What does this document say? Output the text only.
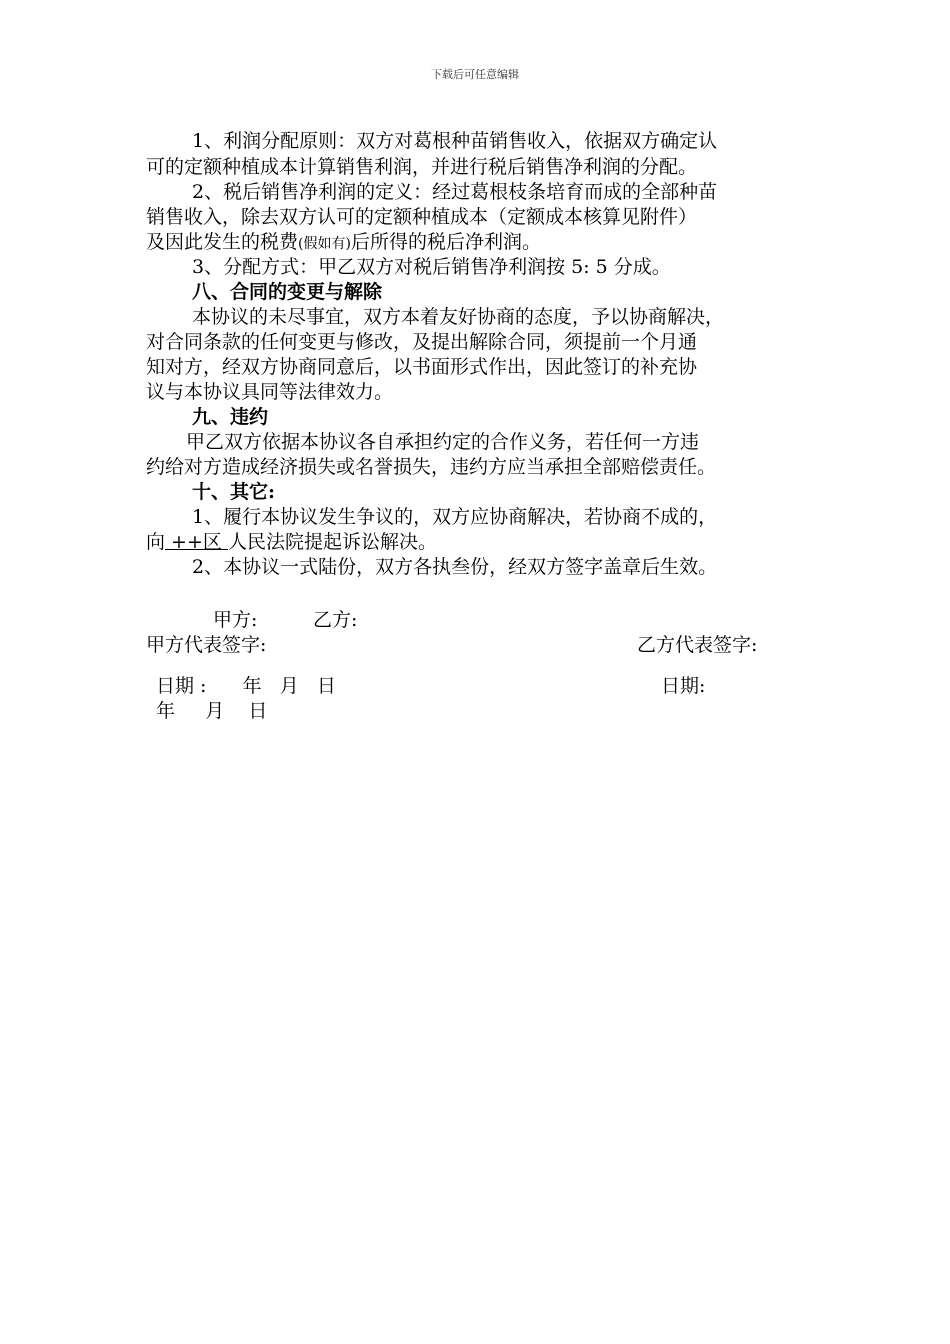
下载后可任意编辑
1、利润分配原则：双方对葛根种苗销售收入，依据双方确定认
可的定额种植成本计算销售利润，并进行税后销售净利润的分配。
2、税后销售净利润的定义：经过葛根枝条培育而成的全部种苗
销售收入，除去双方认可的定额种植成本（定额成本核算见附件）
及因此发生的税费(假如有)后所得的税后净利润。
3、分配方式：甲乙双方对税后销售净利润按 5: 5 分成。
八、合同的变更与解除
本协议的未尽事宜，双方本着友好协商的态度，予以协商解决，
对合同条款的任何变更与修改，及提出解除合同，须提前一个月通
知对方，经双方协商同意后，以书面形式作出，因此签订的补充协
议与本协议具同等法律效力。
九、违约
甲乙双方依据本协议各自承担约定的合作义务，若任何一方违
约给对方造成经济损失或名誉损失，违约方应当承担全部赔偿责任。
十、其它:
1、履行本协议发生争议的，双方应协商解决，若协商不成的，
向 ++区 人民法院提起诉讼解决。
2、本协议一式陆份，双方各执叁份，经双方签字盖章后生效。
甲方:	乙方:
甲方代表签字:	乙方代表签字:
日期 :      年   月   日	日期:
年     月    日
